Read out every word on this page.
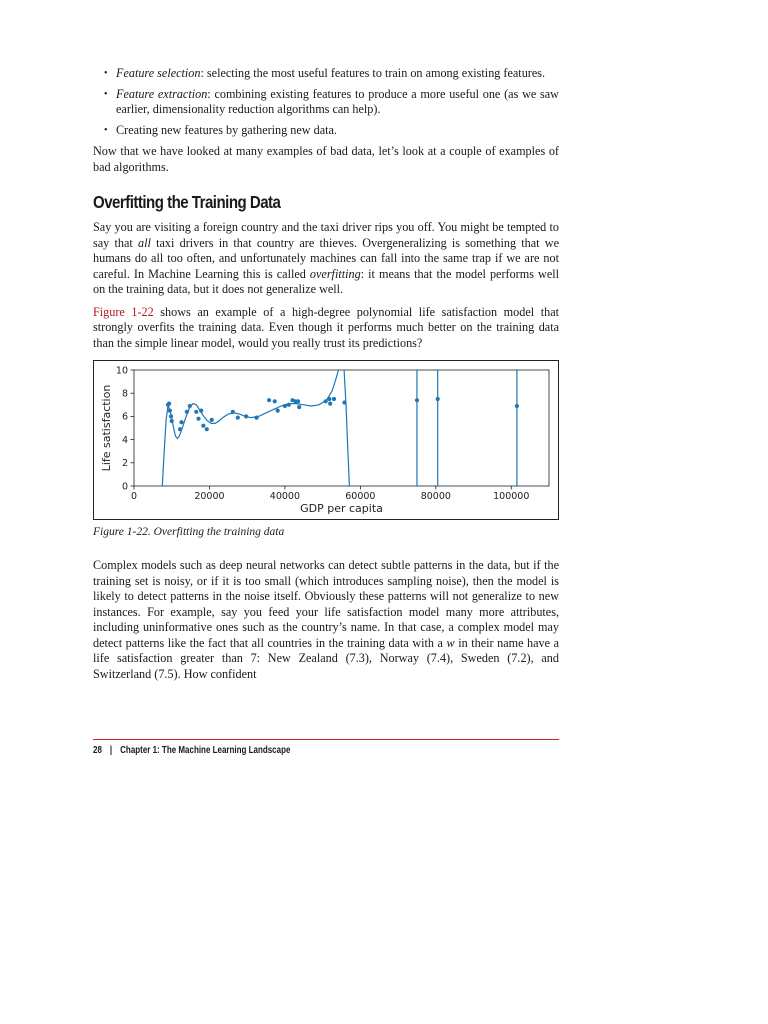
• Feature selection: selecting the most useful features to train on among existing features.
• Feature extraction: combining existing features to produce a more useful one (as we saw earlier, dimensionality reduction algorithms can help).
• Creating new features by gathering new data.

Now that we have looked at many examples of bad data, let’s look at a couple of examples of bad algorithms.

Overfitting the Training Data

Say you are visiting a foreign country and the taxi driver rips you off. You might be tempted to say that all taxi drivers in that country are thieves. Overgeneralizing is something that we humans do all too often, and unfortunately machines can fall into the same trap if we are not careful. In Machine Learning this is called overfitting: it means that the model performs well on the training data, but it does not generalize well.

Figure 1-22 shows an example of a high-degree polynomial life satisfaction model that strongly overfits the training data. Even though it performs much better on the training data than the simple linear model, would you really trust its predictions?

0	20000	40000	60000	80000	100000
0
2
4
6
8
10
GDP per capita
Life satisfaction
Figure 1-22. Overfitting the training data

Complex models such as deep neural networks can detect subtle patterns in the data, but if the training set is noisy, or if it is too small (which introduces sampling noise), then the model is likely to detect patterns in the noise itself. Obviously these patterns will not generalize to new instances. For example, say you feed your life satisfaction model many more attributes, including uninformative ones such as the country’s name. In that case, a complex model may detect patterns like the fact that all countries in the training data with a w in their name have a life satisfaction greater than 7: New Zealand (7.3), Norway (7.4), Sweden (7.2), and Switzerland (7.5). How confident

28 | Chapter 1: The Machine Learning Landscape
